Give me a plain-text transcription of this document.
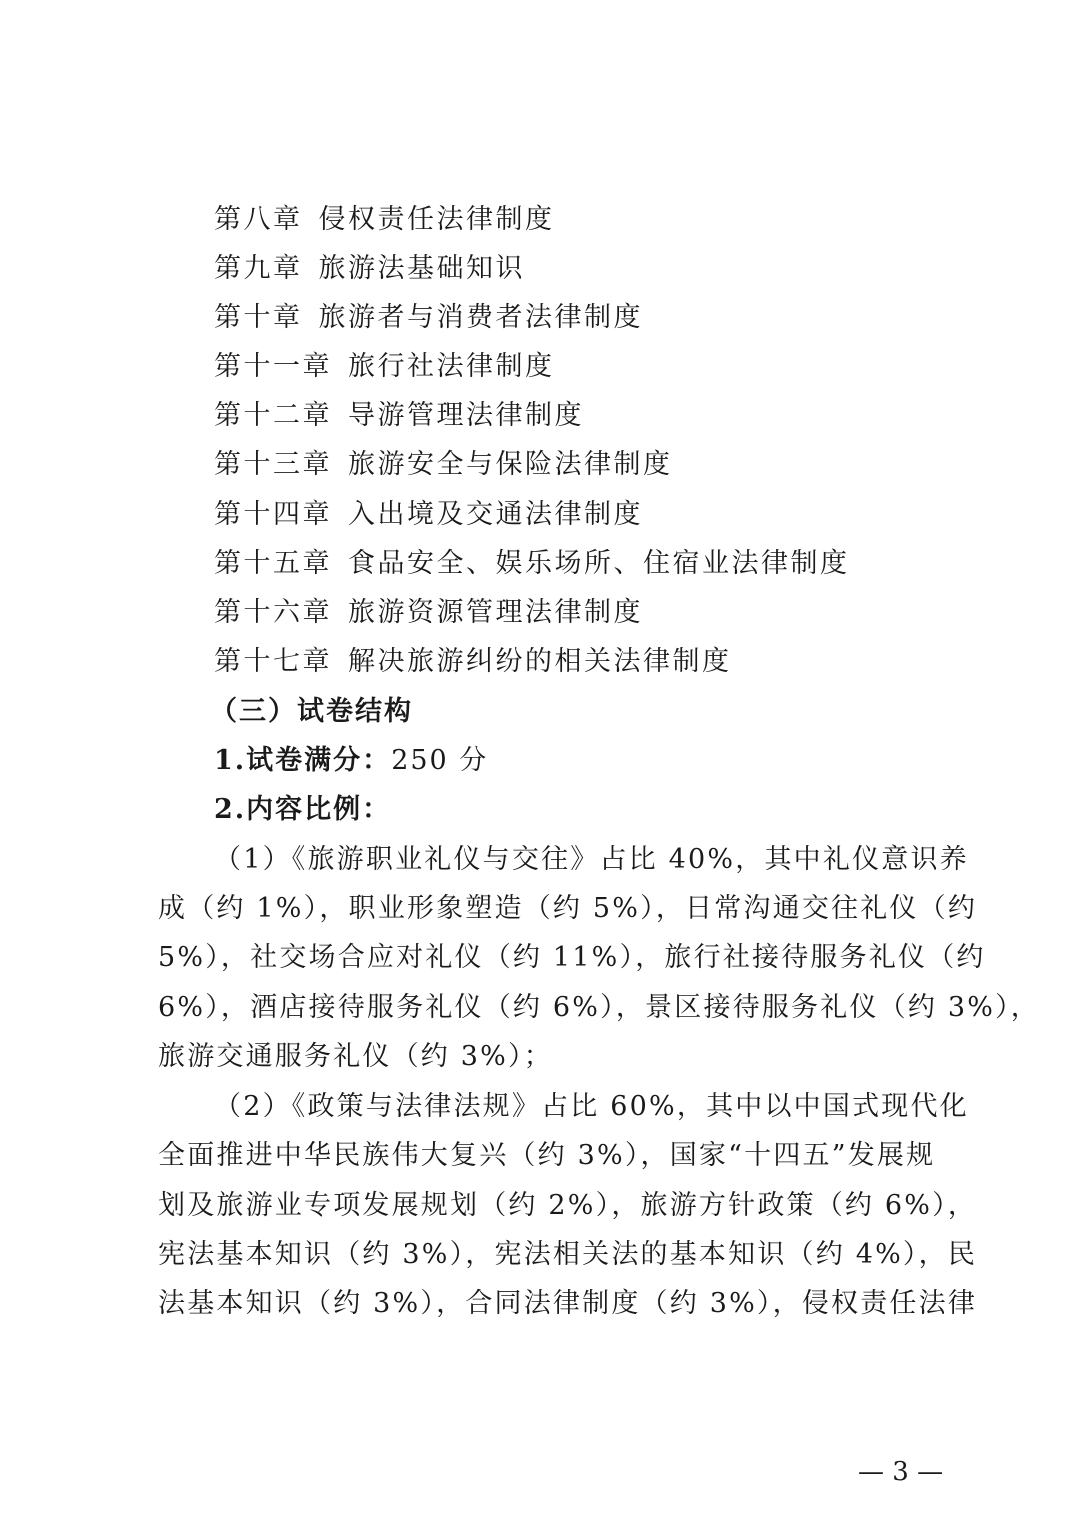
第八章 侵权责任法律制度
第九章 旅游法基础知识
第十章 旅游者与消费者法律制度
第十一章 旅行社法律制度
第十二章 导游管理法律制度
第十三章 旅游安全与保险法律制度
第十四章 入出境及交通法律制度
第十五章 食品安全、娱乐场所、住宿业法律制度
第十六章 旅游资源管理法律制度
第十七章 解决旅游纠纷的相关法律制度
（三）试卷结构
1.试卷满分：250 分
2.内容比例：
（1）《旅游职业礼仪与交往》占比 40%，其中礼仪意识养
成（约 1%），职业形象塑造（约 5%），日常沟通交往礼仪（约
5%），社交场合应对礼仪（约 11%），旅行社接待服务礼仪（约
6%），酒店接待服务礼仪（约 6%），景区接待服务礼仪（约 3%），
旅游交通服务礼仪（约 3%）；
（2）《政策与法律法规》占比 60%，其中以中国式现代化
全面推进中华民族伟大复兴（约 3%），国家“十四五”发展规
划及旅游业专项发展规划（约 2%），旅游方针政策（约 6%），
宪法基本知识（约 3%），宪法相关法的基本知识（约 4%），民
法基本知识（约 3%），合同法律制度（约 3%），侵权责任法律
— 3 —
